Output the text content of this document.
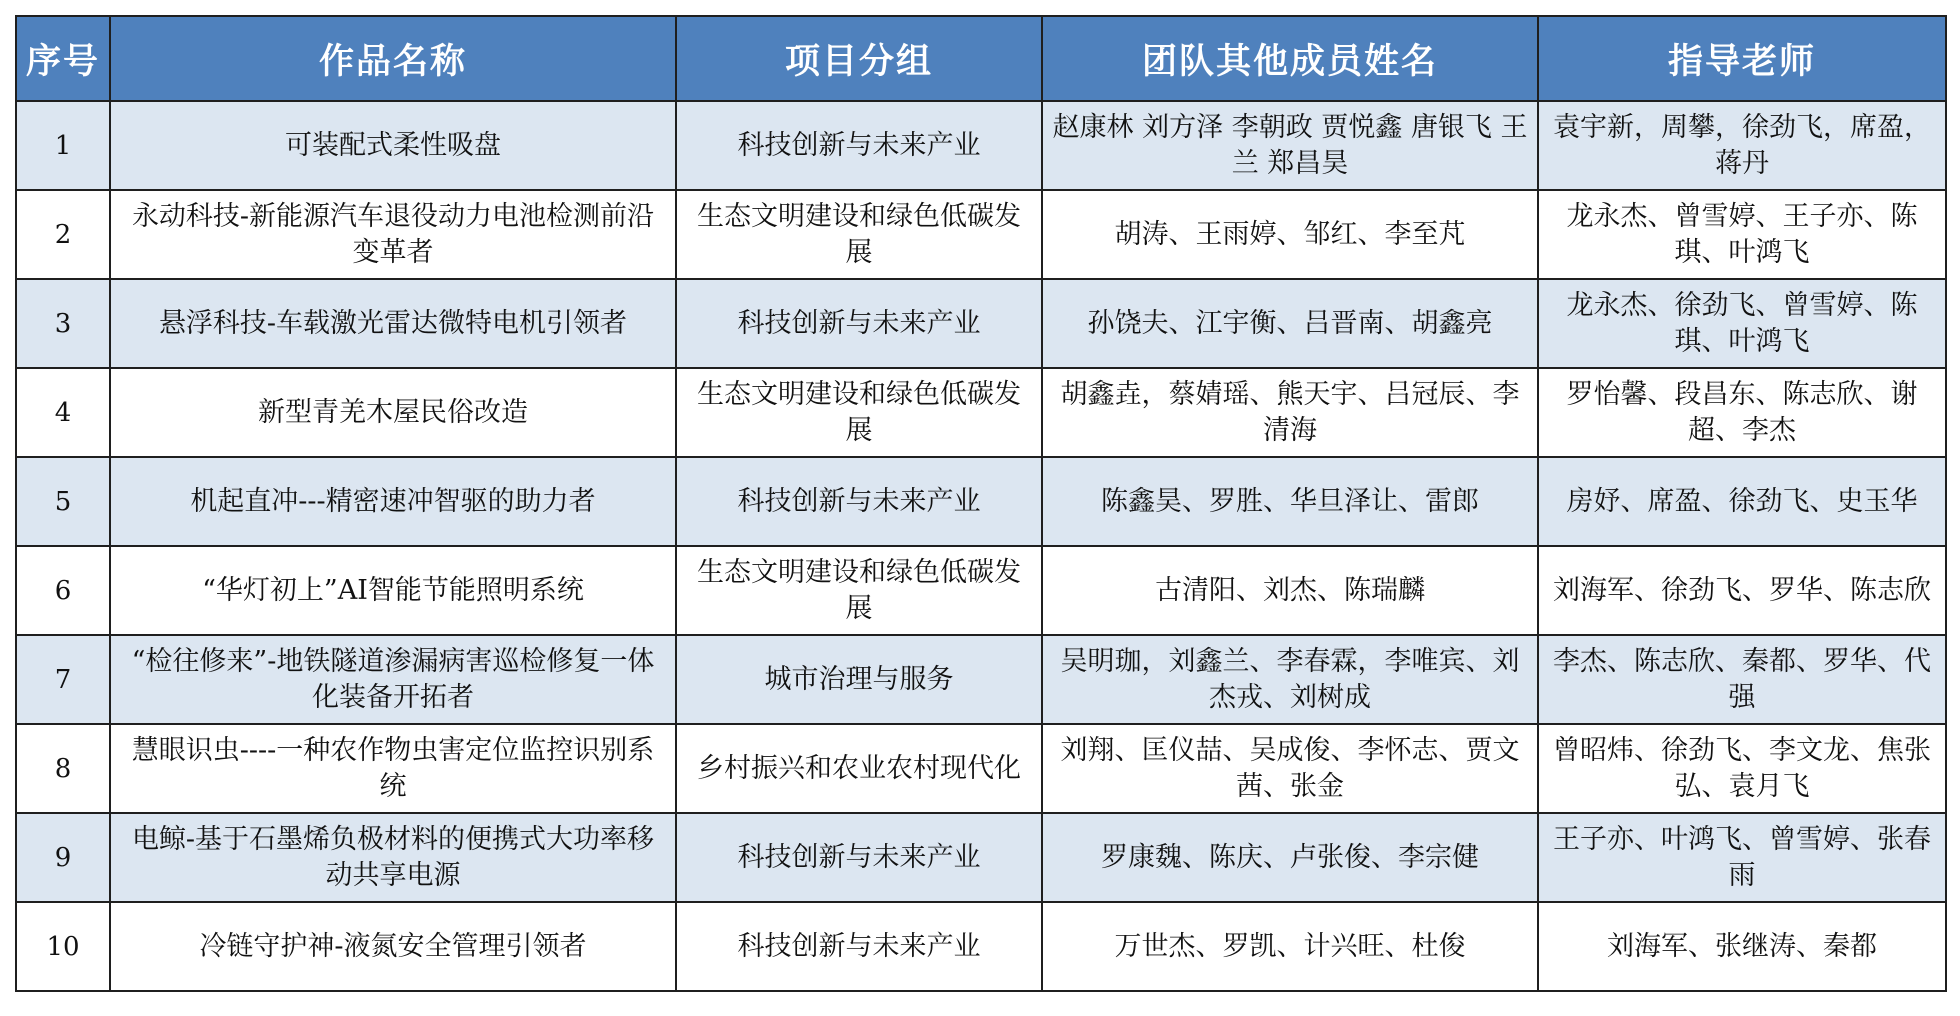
序号	作品名称	项目分组	团队其他成员姓名	指导老师
1	可装配式柔性吸盘	科技创新与未来产业	赵康林 刘方泽 李朝政 贾悦鑫 唐银飞 王兰 郑昌昊	袁宇新，周攀，徐劲飞，席盈，蒋丹
2	永动科技-新能源汽车退役动力电池检测前沿变革者	生态文明建设和绿色低碳发展	胡涛、王雨婷、邹红、李至芃	龙永杰、曾雪婷、王子亦、陈琪、叶鸿飞
3	悬浮科技-车载激光雷达微特电机引领者	科技创新与未来产业	孙饶夫、江宇衡、吕晋南、胡鑫亮	龙永杰、徐劲飞、曾雪婷、陈琪、叶鸿飞
4	新型青羌木屋民俗改造	生态文明建设和绿色低碳发展	胡鑫垚，蔡婧瑶、熊天宇、吕冠辰、李清海	罗怡馨、段昌东、陈志欣、谢超、李杰
5	机起直冲---精密速冲智驱的助力者	科技创新与未来产业	陈鑫昊、罗胜、华旦泽让、雷郎	房妤、席盈、徐劲飞、史玉华
6	“华灯初上”AI智能节能照明系统	生态文明建设和绿色低碳发展	古清阳、刘杰、陈瑞麟	刘海军、徐劲飞、罗华、陈志欣
7	“检往修来”-地铁隧道渗漏病害巡检修复一体化装备开拓者	城市治理与服务	吴明珈，刘鑫兰、李春霖，李唯宾、刘杰戎、刘树成	李杰、陈志欣、秦都、罗华、代强
8	慧眼识虫----一种农作物虫害定位监控识别系统	乡村振兴和农业农村现代化	刘翔、匡仪喆、吴成俊、李怀志、贾文茜、张金	曾昭炜、徐劲飞、李文龙、焦张弘、袁月飞
9	电鲸-基于石墨烯负极材料的便携式大功率移动共享电源	科技创新与未来产业	罗康魏、陈庆、卢张俊、李宗健	王子亦、叶鸿飞、曾雪婷、张春雨
10	冷链守护神-液氮安全管理引领者	科技创新与未来产业	万世杰、罗凯、计兴旺、杜俊	刘海军、张继涛、秦都
